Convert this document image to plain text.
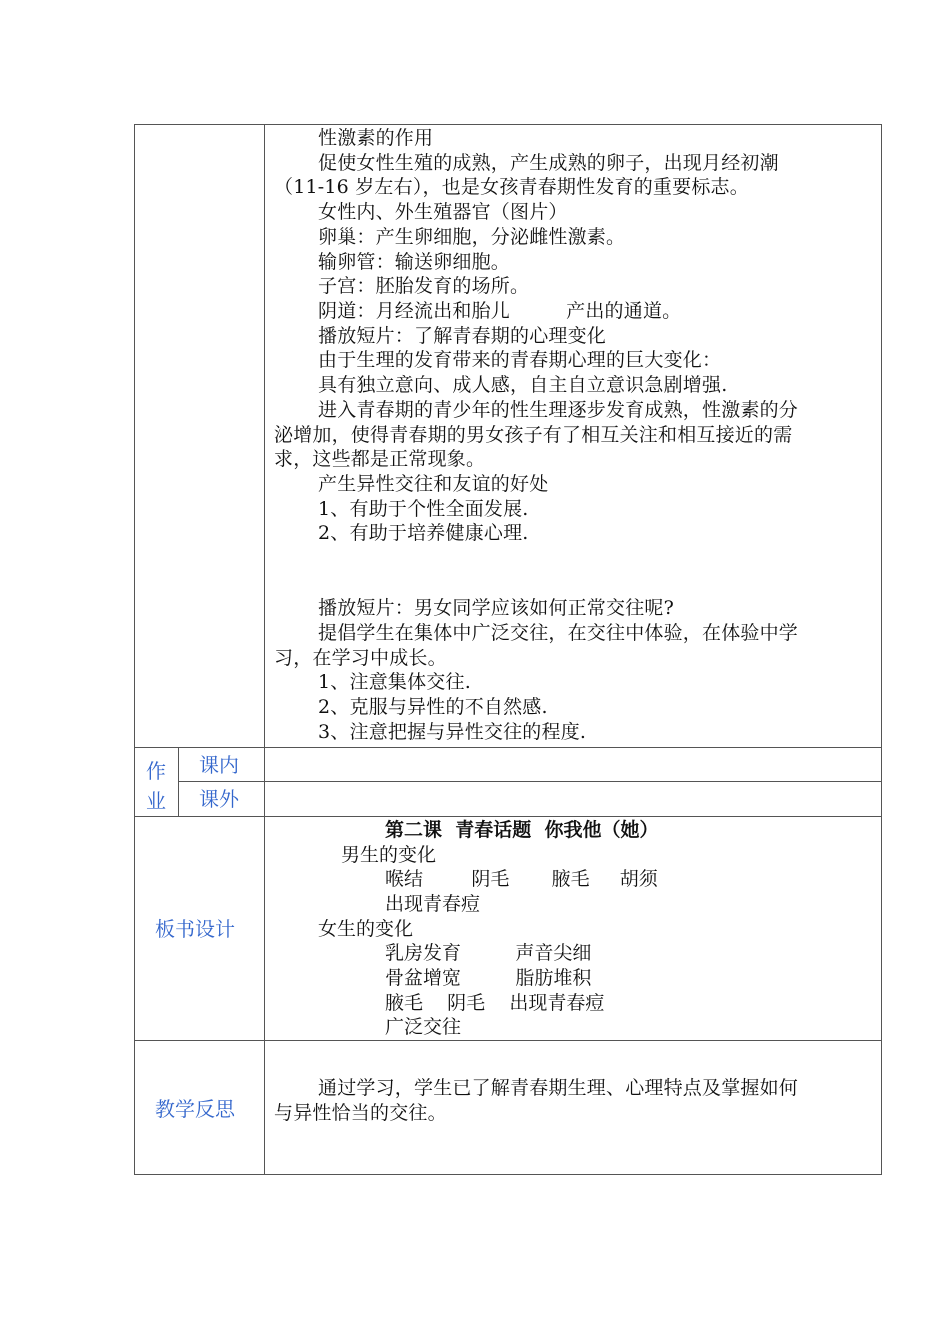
性激素的作用
促使女性生殖的成熟，产生成熟的卵子，出现月经初潮
（11-16 岁左右），也是女孩青春期性发育的重要标志。
女性内、外生殖器官（图片）
卵巢：产生卵细胞，分泌雌性激素。
输卵管：输送卵细胞。
子宫：胚胎发育的场所。
阴道：月经流出和胎儿         产出的通道。
播放短片：了解青春期的心理变化
由于生理的发育带来的青春期心理的巨大变化：
具有独立意向、成人感，自主自立意识急剧增强.
进入青春期的青少年的性生理逐步发育成熟，性激素的分
泌增加，使得青春期的男女孩子有了相互关注和相互接近的需
求，这些都是正常现象。
产生异性交往和友谊的好处
1、有助于个性全面发展.
2、有助于培养健康心理.
播放短片：男女同学应该如何正常交往呢?
提倡学生在集体中广泛交往，在交往中体验，在体验中学
习，在学习中成长。
1、注意集体交往.
2、克服与异性的不自然感.
3、注意把握与异性交往的程度.
作业
课内
课外
板书设计
第二课  青春话题  你我他（她）
男生的变化
喉结        阴毛       腋毛     胡须
出现青春痘
女生的变化
乳房发育         声音尖细
骨盆增宽         脂肪堆积
腋毛    阴毛    出现青春痘
广泛交往
教学反思
通过学习，学生已了解青春期生理、心理特点及掌握如何
与异性恰当的交往。
